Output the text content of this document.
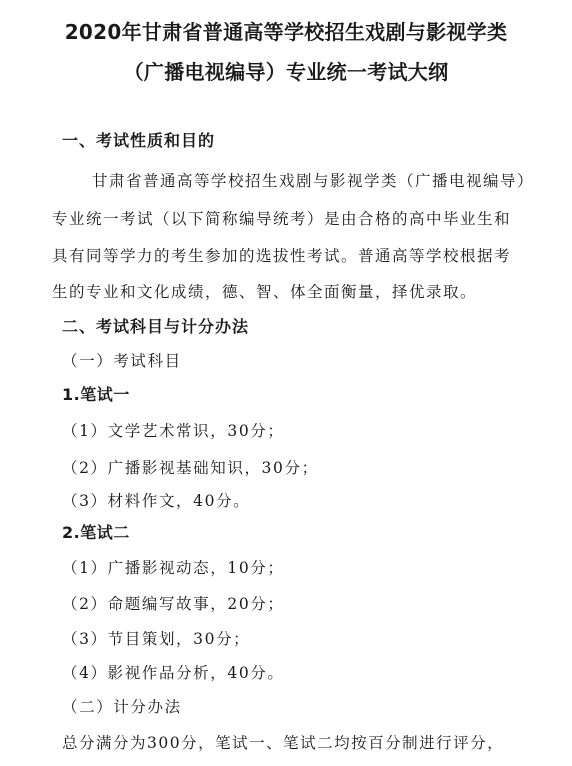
2020年甘肃省普通高等学校招生戏剧与影视学类
（广播电视编导）专业统一考试大纲
一、考试性质和目的
甘肃省普通高等学校招生戏剧与影视学类（广播电视编导）
专业统一考试（以下简称编导统考）是由合格的高中毕业生和
具有同等学力的考生参加的选拔性考试。普通高等学校根据考
生的专业和文化成绩，德、智、体全面衡量，择优录取。
二、考试科目与计分办法
（一）考试科目
1.笔试一
（1）文学艺术常识，30分；
（2）广播影视基础知识，30分；
（3）材料作文，40分。
2.笔试二
（1）广播影视动态，10分；
（2）命题编写故事，20分；
（3）节目策划，30分；
（4）影视作品分析，40分。
（二）计分办法
总分满分为300分，笔试一、笔试二均按百分制进行评分，
